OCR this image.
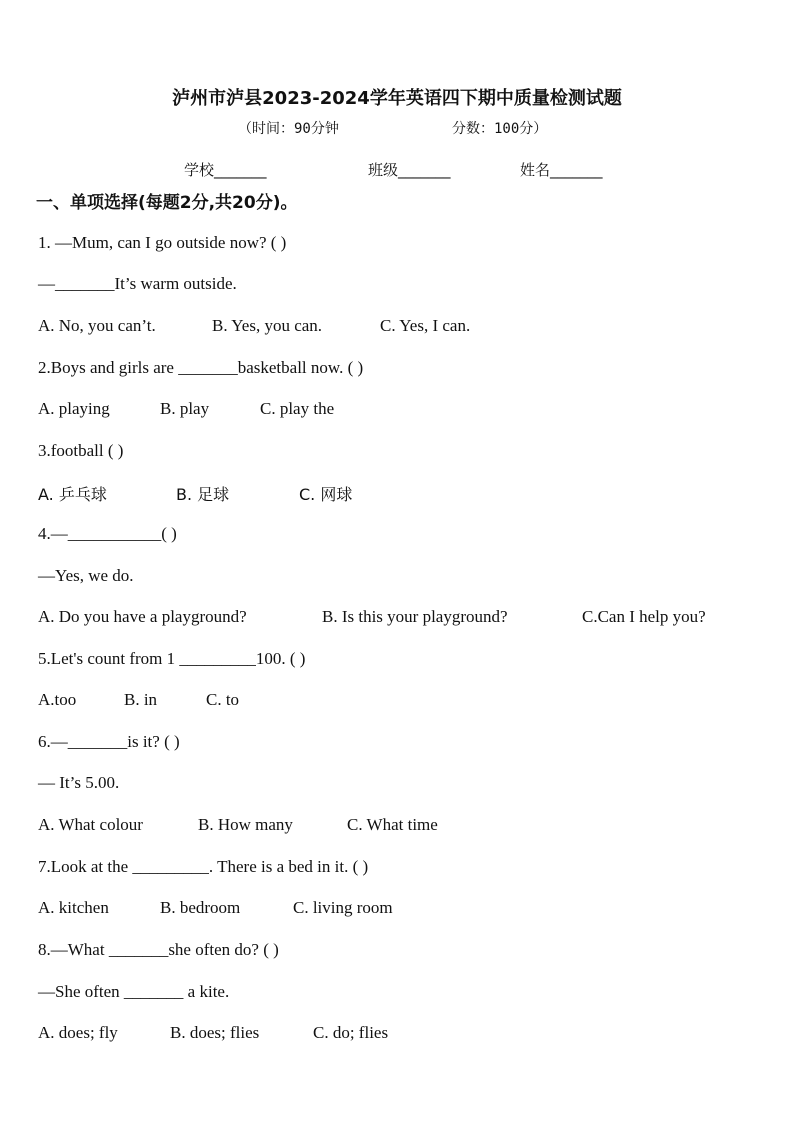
泸州市泸县2023-2024学年英语四下期中质量检测试题
（时间：90分钟	分数：100分）
学校_______	班级_______	姓名_______
一、单项选择(每题2分,共20分)。
1. —Mum, can I go outside now? ( )
—_______It’s warm outside.
A. No, you can’t.	B. Yes, you can.	C. Yes, I can.
2.Boys and girls are _______basketball now. ( )
A. playing	B. play	C. play the
3.football ( )
A. 乒乓球	B. 足球	C. 网球
4.—___________( )
—Yes, we do.
A. Do you have a playground?	B. Is this your playground?	C.Can I help you?
5.Let's count from 1 _________100. ( )
A.too	B. in	C. to
6.—_______is it? ( )
— It’s 5.00.
A. What colour	B. How many	C. What time
7.Look at the _________. There is a bed in it. ( )
A. kitchen	B. bedroom	C. living room
8.—What _______she often do? ( )
—She often _______ a kite.
A. does; fly	B. does; flies	C. do; flies
